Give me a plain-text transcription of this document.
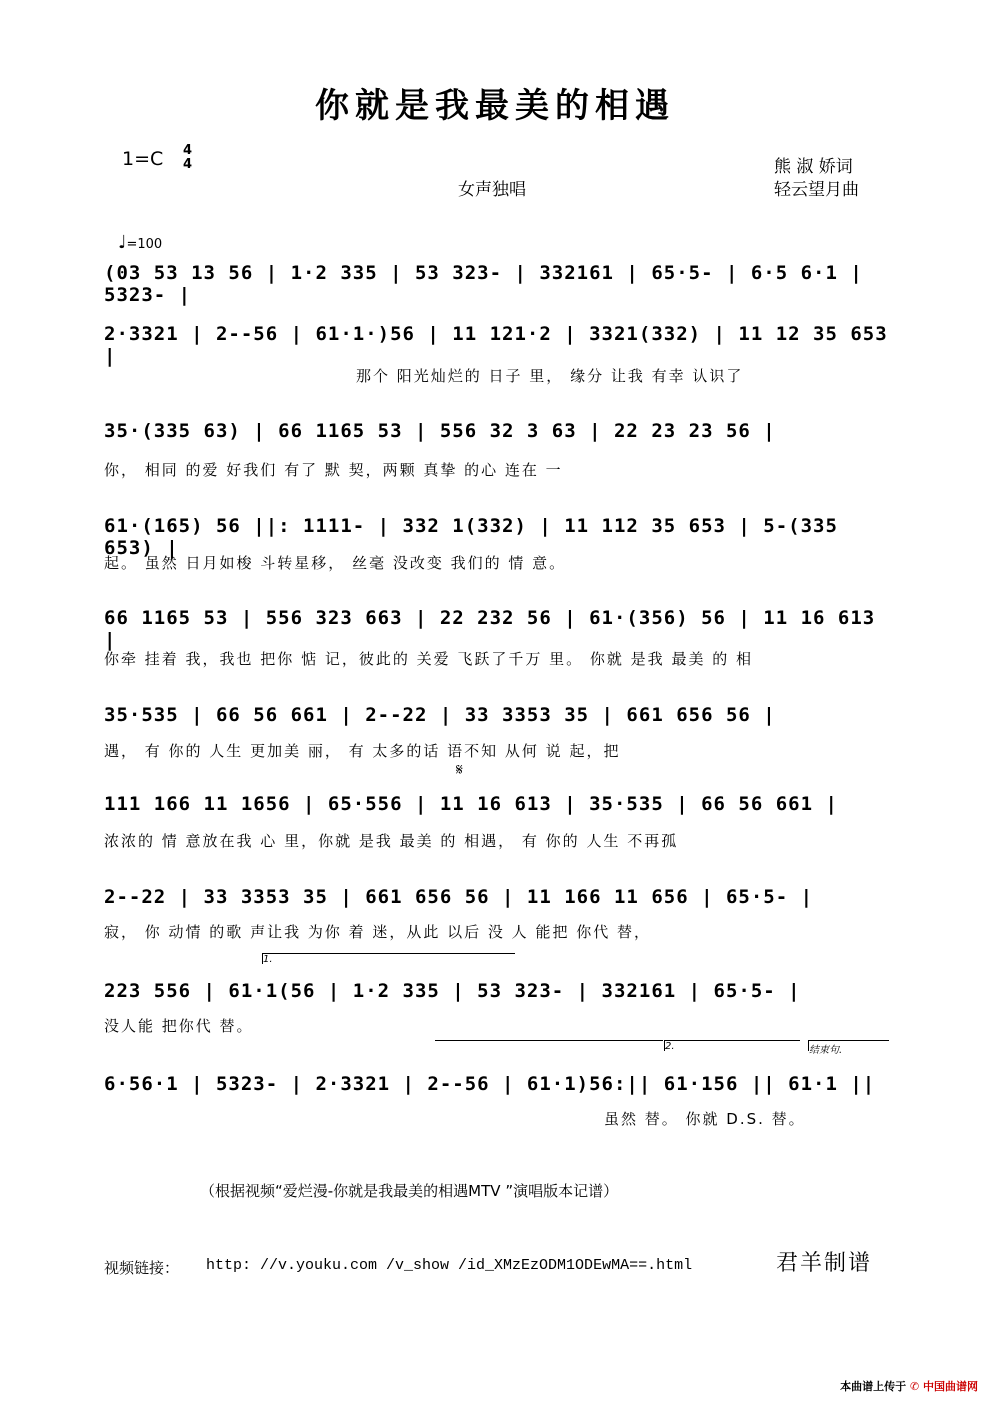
你就是我最美的相遇
1=C 4
4
女声独唱
熊 淑 娇词
轻云望月曲
♩=100
(03 53 13 56 | 1·2 335 | 53 323- | 332161 | 65·5- | 6·5 6·1 | 5323- |
2·3321 | 2--56 | 61·1·)56 | 11 121·2 | 3321(332) | 11 12 35 653 |
那个 阳光灿烂的 日子 里， 缘分 让我 有幸 认识了
35·(335 63) | 66 1165 53 | 556 32 3 63 | 22 23 23 56 |
你， 相同 的爱 好我们 有了 默 契，两颗 真挚 的心 连在 一
61·(165) 56 ||: 1111- | 332 1(332) | 11 112 35 653 | 5-(335 653) |
起。 虽然 日月如梭 斗转星移， 丝毫 没改变 我们的 情 意。
66 1165 53 | 556 323 663 | 22 232 56 | 61·(356) 56 | 11 16 613 |
你牵 挂着 我，我也 把你 惦 记，彼此的 关爱 飞跃了千万 里。 你就 是我 最美 的 相
35·535 | 66 56 661 | 2--22 | 33 3353 35 | 661 656 56 |
遇， 有 你的 人生 更加美 丽， 有 太多的话 语不知 从何 说 起，把
𝄋
111 166 11 1656 | 65·556 | 11 16 613 | 35·535 | 66 56 661 |
浓浓的 情 意放在我 心 里，你就 是我 最美 的 相遇， 有 你的 人生 不再孤
2--22 | 33 3353 35 | 661 656 56 | 11 166 11 656 | 65·5- |
寂， 你 动情 的歌 声让我 为你 着 迷，从此 以后 没 人 能把 你代 替，
1.
223 556 | 61·1(56 | 1·2 335 | 53 323- | 332161 | 65·5- |
没人能 把你代 替。
2.	结束句.
6·56·1 | 5323- | 2·3321 | 2--56 | 61·1)56:|| 61·156 || 61·1 ||
虽然 替。 你就 D.S. 替。
（根据视频“爱烂漫-你就是我最美的相遇MTV ”演唱版本记谱）
视频链接： http: //v.youku.com /v_show /id_XMzEzODM1ODEwMA==.html	君羊制谱
本曲谱上传于 ✆ 中国曲谱网
